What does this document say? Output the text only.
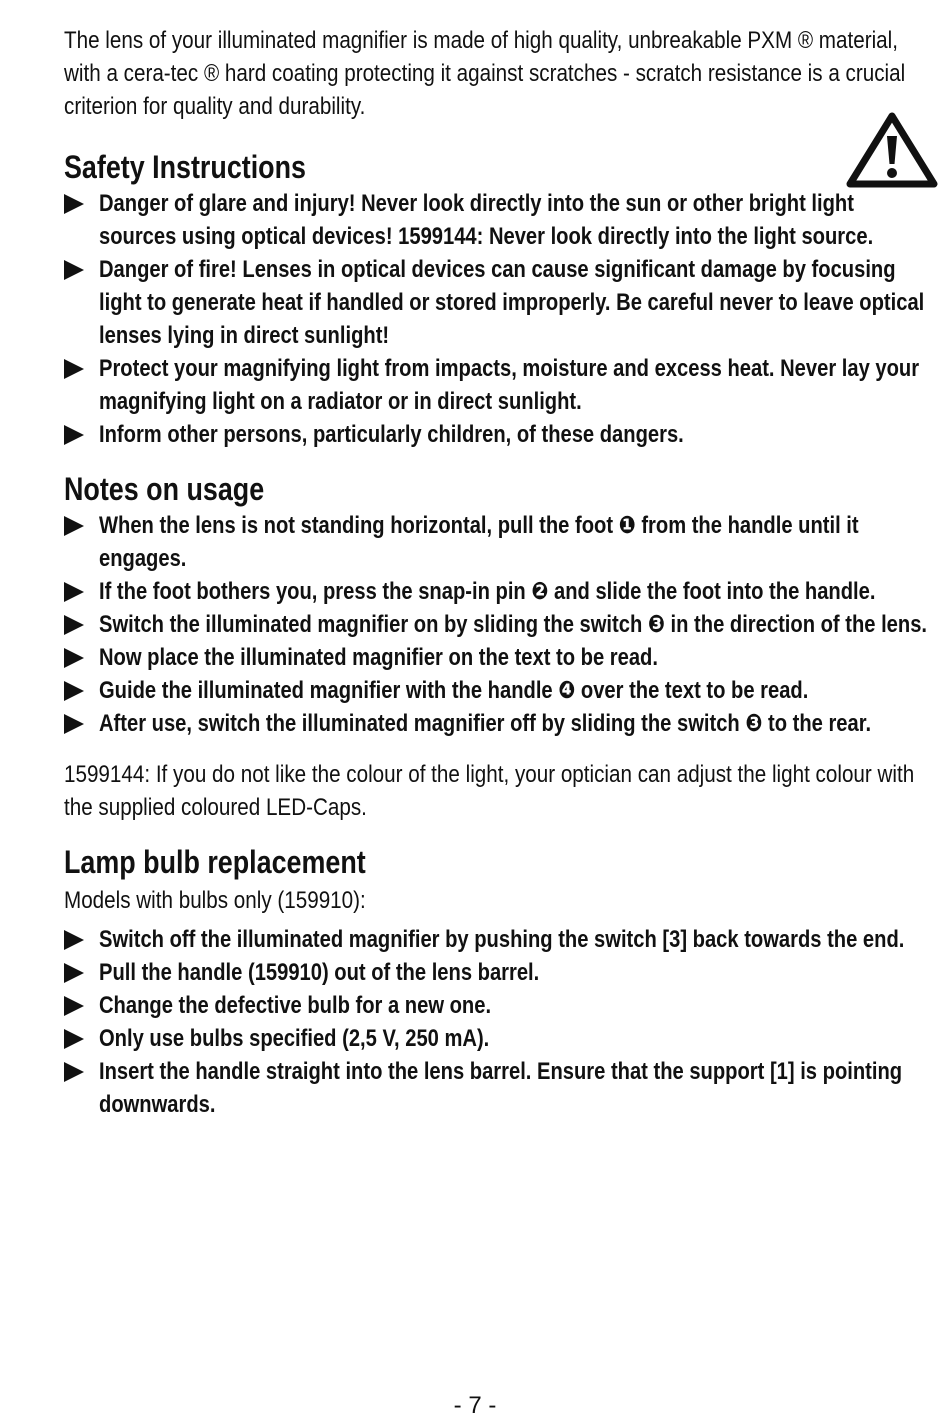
The lens of your illuminated magnifier is made of high quality, unbreakable PXM ® material, with a cera-tec ® hard coating protecting it against scratches - scratch resistance is a crucial criterion for quality and durability.

Safety Instructions
Danger of glare and injury! Never look directly into the sun or other bright light sources using optical devices! 1599144: Never look directly into the light source.
Danger of fire! Lenses in optical devices can cause significant damage by focusing light to generate heat if handled or stored improperly. Be careful never to leave optical lenses lying in direct sunlight!
Protect your magnifying light from impacts, moisture and excess heat. Never lay your magnifying light on a radiator or in direct sunlight.
Inform other persons, particularly children, of these dangers.
Notes on usage
When the lens is not standing horizontal, pull the foot ❶ from the handle until it engages.
If the foot bothers you, press the snap-in pin ❷ and slide the foot into the handle.
Switch the illuminated magnifier on by sliding the switch ❸ in the direction of the lens.
Now place the illuminated magnifier on the text to be read.
Guide the illuminated magnifier with the handle ❹ over the text to be read.
After use, switch the illuminated magnifier off by sliding the switch ❸ to the rear.

1599144: If you do not like the colour of the light, your optician can adjust the light colour with the supplied coloured LED-Caps.

Lamp bulb replacement

Models with bulbs only (159910):

Switch off the illuminated magnifier by pushing the switch [3] back towards the end.
Pull the handle (159910) out of the lens barrel.
Change the defective bulb for a new one.
Only use bulbs specified (2,5 V, 250 mA).
Insert the handle straight into the lens barrel. Ensure that the support [1] is pointing downwards.
- 7 -
